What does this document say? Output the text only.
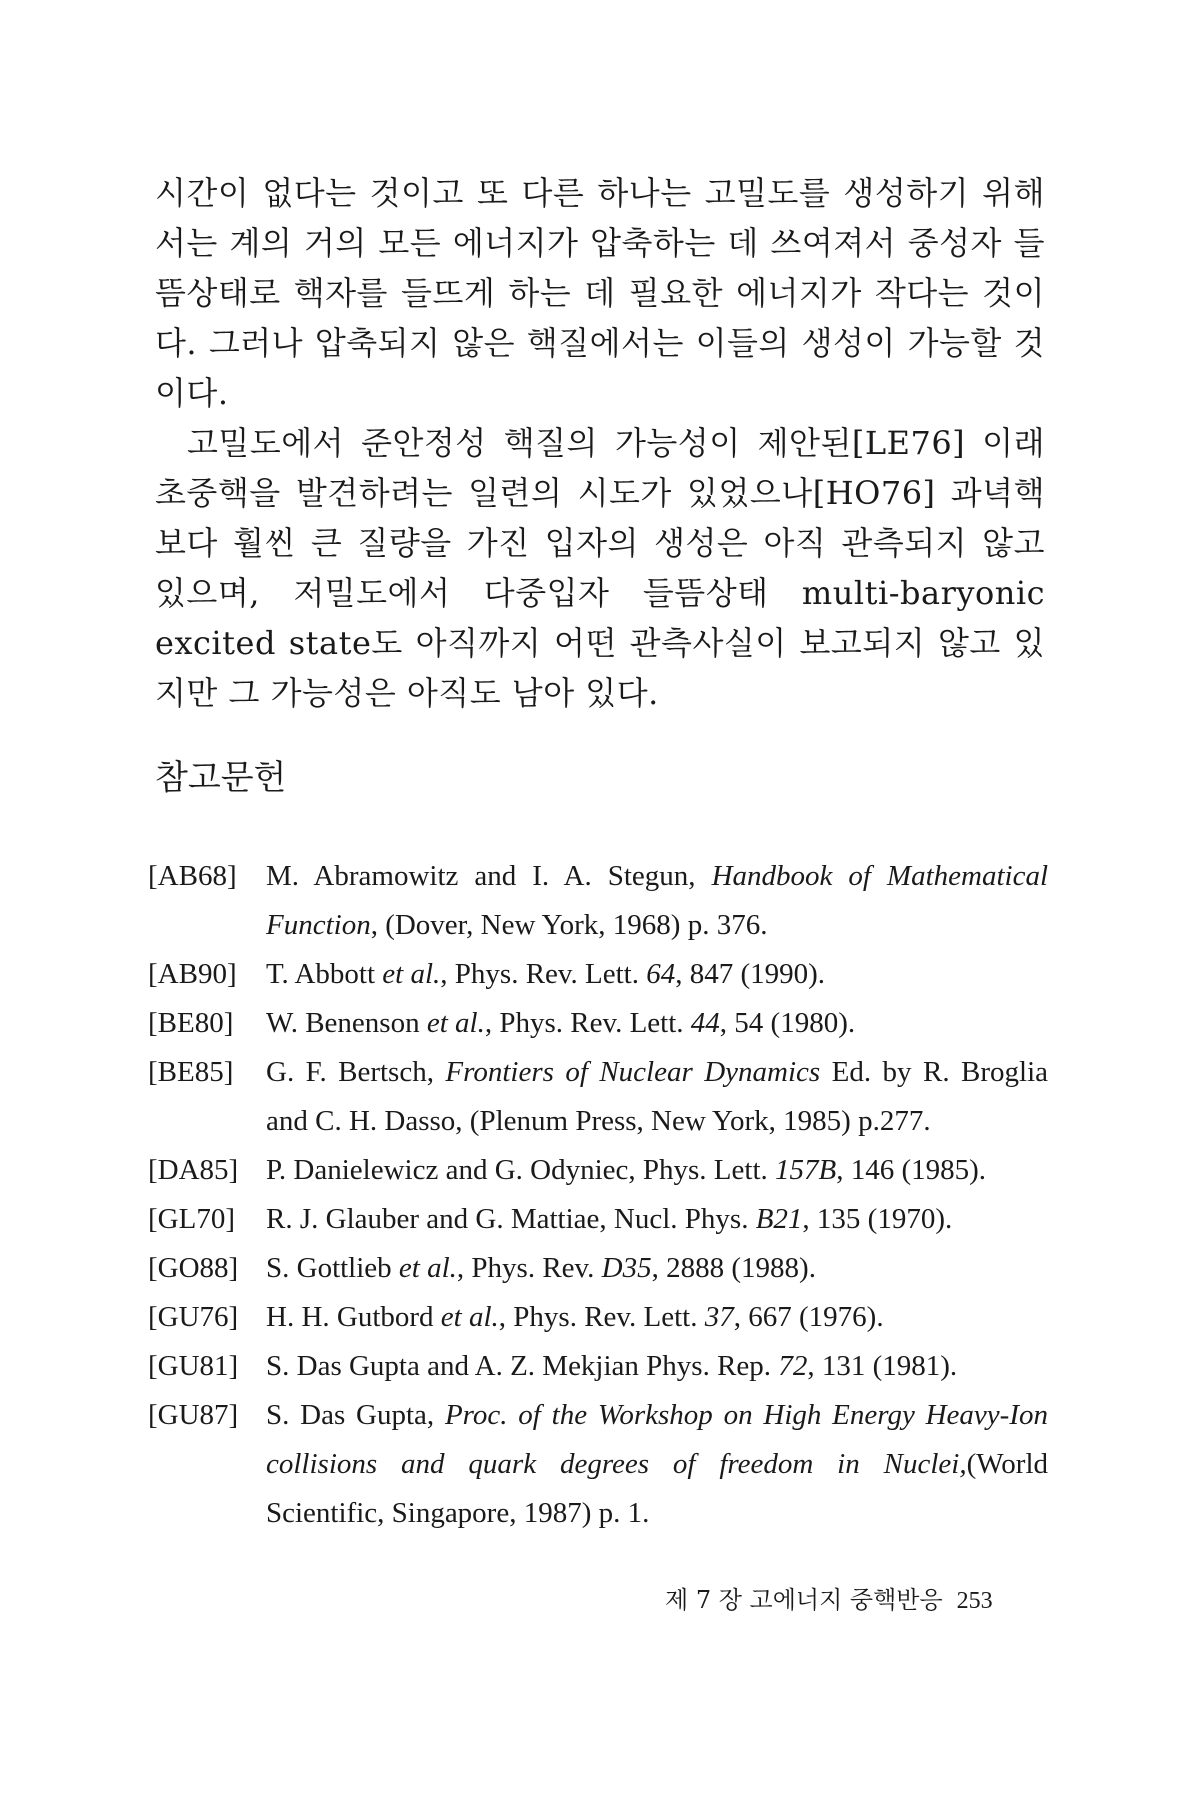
시간이 없다는 것이고 또 다른 하나는 고밀도를 생성하기 위해서는 계의 거의 모든 에너지가 압축하는 데 쓰여져서 중성자 들뜸상태로 핵자를 들뜨게 하는 데 필요한 에너지가 작다는 것이다. 그러나 압축되지 않은 핵질에서는 이들의 생성이 가능할 것이다.

고밀도에서 준안정성 핵질의 가능성이 제안된[LE76] 이래 초중핵을 발견하려는 일련의 시도가 있었으나[HO76] 과녁핵보다 훨씬 큰 질량을 가진 입자의 생성은 아직 관측되지 않고 있으며, 저밀도에서 다중입자 들뜸상태 multi-baryonic excited state도 아직까지 어떤 관측사실이 보고되지 않고 있지만 그 가능성은 아직도 남아 있다.

참고문헌
[AB68]	M. Abramowitz and I. A. Stegun, Handbook of Mathematical Function, (Dover, New York, 1968) p. 376.
[AB90]	T. Abbott et al., Phys. Rev. Lett. 64, 847 (1990).
[BE80]	W. Benenson et al., Phys. Rev. Lett. 44, 54 (1980).
[BE85]	G. F. Bertsch, Frontiers of Nuclear Dynamics Ed. by R. Broglia and C. H. Dasso, (Plenum Press, New York, 1985) p.277.
[DA85] P. Danielewicz and G. Odyniec, Phys. Lett. 157B, 146 (1985).
[GL70]	R. J. Glauber and G. Mattiae, Nucl. Phys. B21, 135 (1970).
[GO88] S. Gottlieb et al., Phys. Rev. D35, 2888 (1988).
[GU76] H. H. Gutbord et al., Phys. Rev. Lett. 37, 667 (1976).
[GU81] S. Das Gupta and A. Z. Mekjian Phys. Rep. 72, 131 (1981).
[GU87] S. Das Gupta, Proc. of the Workshop on High Energy Heavy-Ion collisions and quark degrees of freedom in Nuclei,(World Scientific, Singapore, 1987) p. 1.
제 7 장 고에너지 중핵반응 253
